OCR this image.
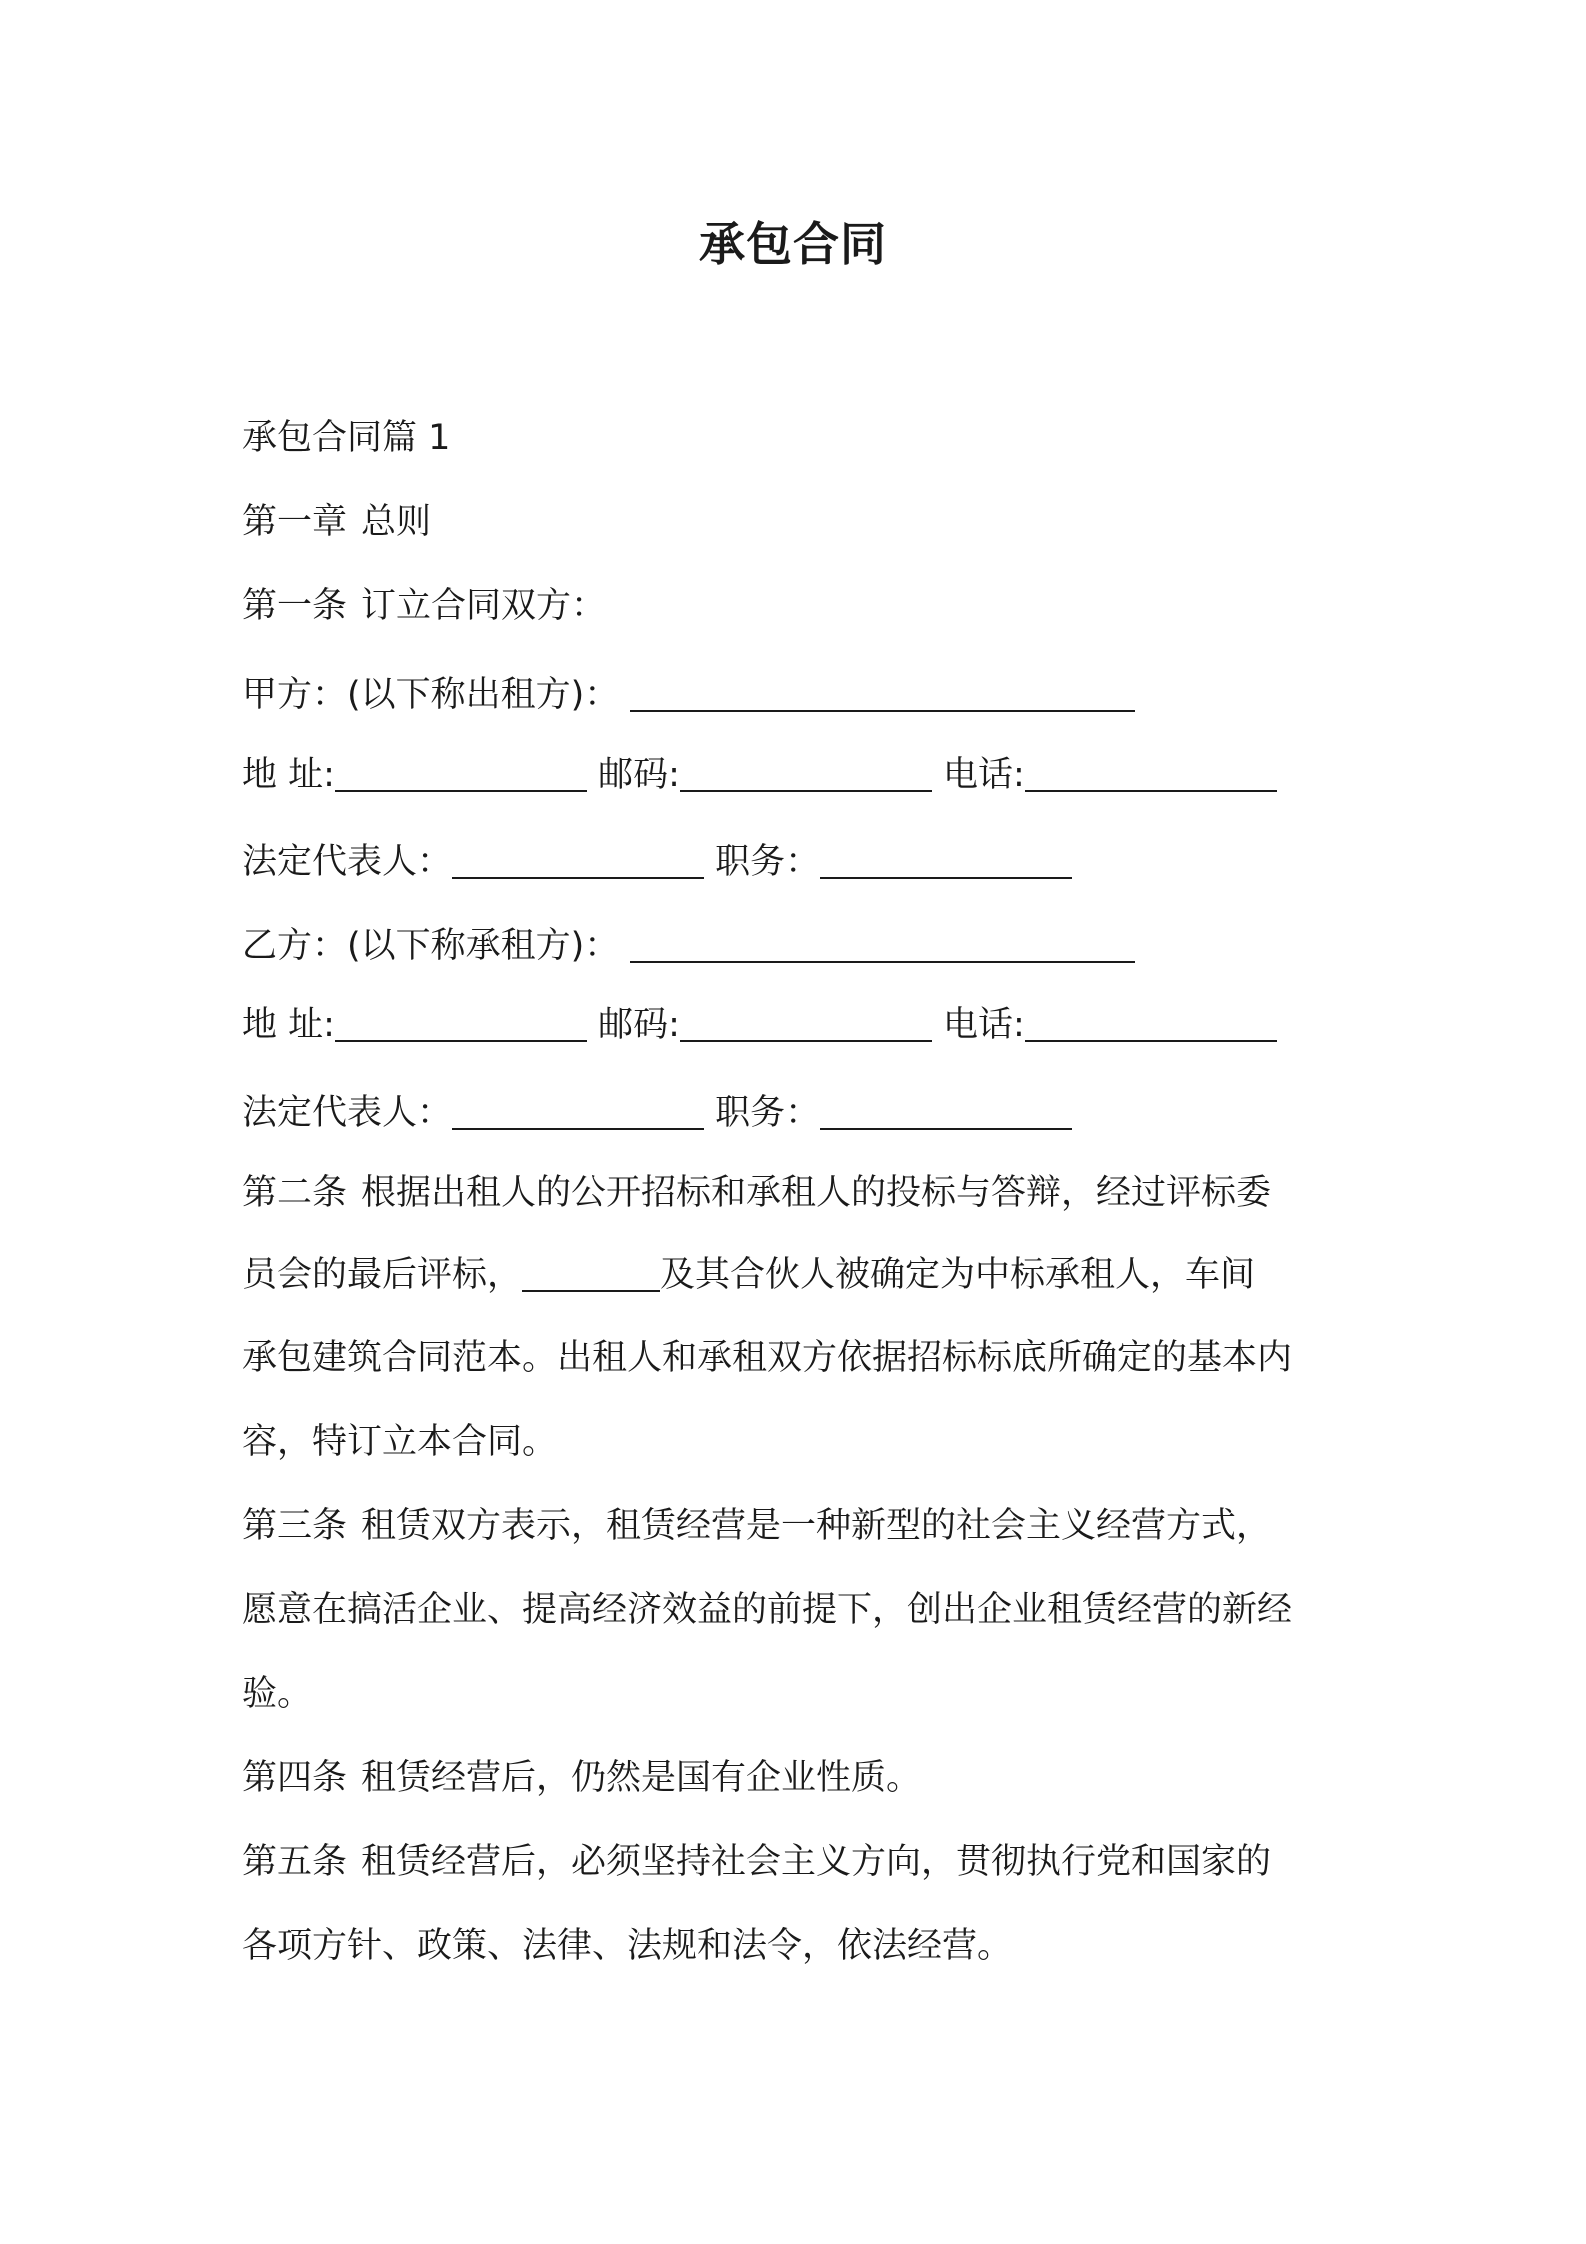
承包合同

承包合同篇 1

第一章 总则

第一条 订立合同双方：

甲方：(以下称出租方)：

地 址:	邮码:	电话:
法定代表人：	职务：

乙方：(以下称承租方)：

地 址:	邮码:	电话:
法定代表人：	职务：

第二条 根据出租人的公开招标和承租人的投标与答辩，经过评标委

员会的最后评标，	及其合伙人被确定为中标承租人，车间

承包建筑合同范本。出租人和承租双方依据招标标底所确定的基本内

容，特订立本合同。

第三条 租赁双方表示，租赁经营是一种新型的社会主义经营方式，

愿意在搞活企业、提高经济效益的前提下，创出企业租赁经营的新经

验。

第四条 租赁经营后，仍然是国有企业性质。

第五条 租赁经营后，必须坚持社会主义方向，贯彻执行党和国家的

各项方针、政策、法律、法规和法令，依法经营。
